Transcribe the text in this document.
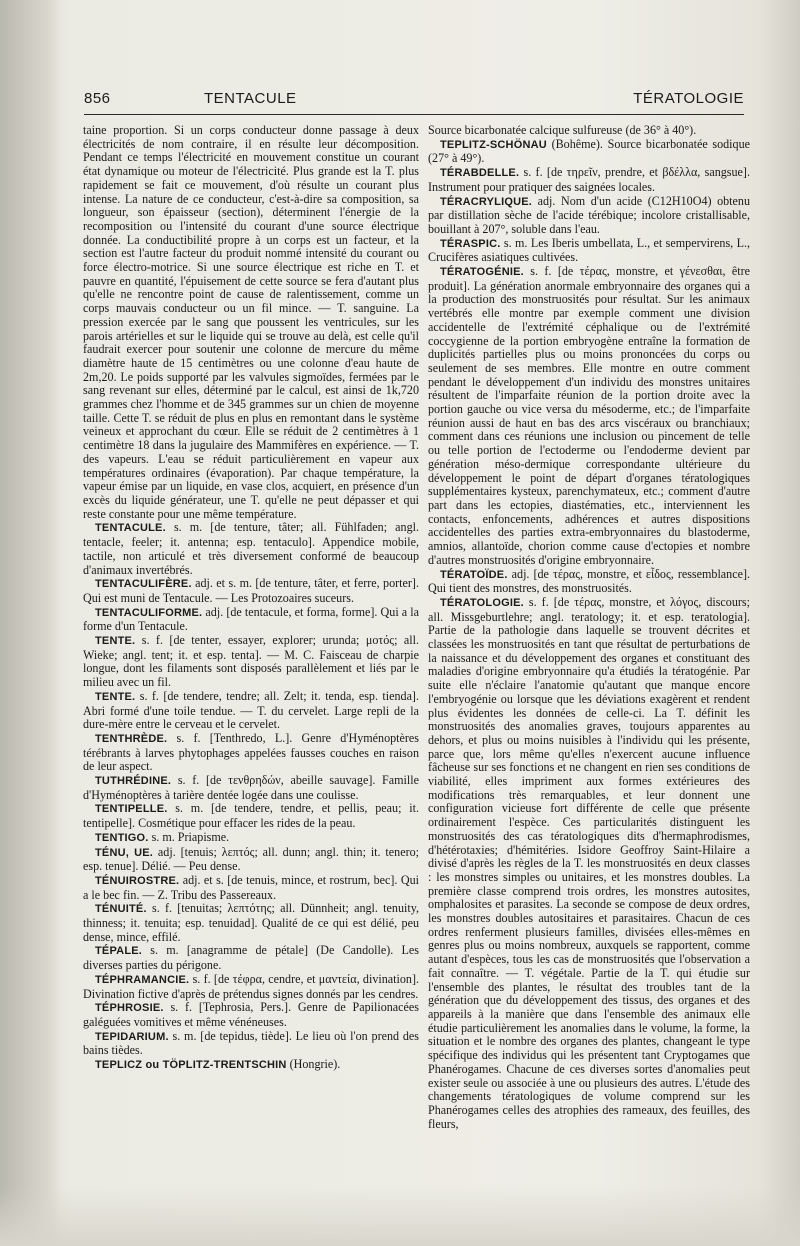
856	TENTACULE	TÉRATOLOGIE

taine proportion. Si un corps conducteur donne passage à deux électricités de nom contraire, il en résulte leur décomposition. Pendant ce temps l'électricité en mouvement constitue un courant état dynamique ou moteur de l'électricité. Plus grande est la T. plus rapidement se fait ce mouvement, d'où résulte un courant plus intense. La nature de ce conducteur, c'est-à-dire sa composition, sa longueur, son épaisseur (section), déterminent l'énergie de la recomposition ou l'intensité du courant d'une source électrique donnée. La conductibilité propre à un corps est un facteur, et la section est l'autre facteur du produit nommé intensité du courant ou force électro-motrice. Si une source électrique est riche en T. et pauvre en quantité, l'épuisement de cette source se fera d'autant plus qu'elle ne rencontre point de cause de ralentissement, comme un corps mauvais conducteur ou un fil mince. — T. sanguine. La pression exercée par le sang que poussent les ventricules, sur les parois artérielles et sur le liquide qui se trouve au delà, est celle qu'il faudrait exercer pour soutenir une colonne de mercure du même diamètre haute de 15 centimètres ou une colonne d'eau haute de 2m,20. Le poids supporté par les valvules sigmoïdes, fermées par le sang revenant sur elles, déterminé par le calcul, est ainsi de 1k,720 grammes chez l'homme et de 345 grammes sur un chien de moyenne taille. Cette T. se réduit de plus en plus en remontant dans le système veineux et approchant du cœur. Elle se réduit de 2 centimètres à 1 centimètre 18 dans la jugulaire des Mammifères en expérience. — T. des vapeurs. L'eau se réduit particulièrement en vapeur aux températures ordinaires (évaporation). Par chaque température, la vapeur émise par un liquide, en vase clos, acquiert, en présence d'un excès du liquide générateur, une T. qu'elle ne peut dépasser et qui reste constante pour une même température.

TENTACULE. s. m. [de tenture, tâter; all. Fühlfaden; angl. tentacle, feeler; it. antenna; esp. tentaculo]. Appendice mobile, tactile, non articulé et très diversement conformé de beaucoup d'animaux invertébrés.

TENTACULIFÈRE. adj. et s. m. [de tenture, tâter, et ferre, porter]. Qui est muni de Tentacule. — Les Protozoaires suceurs.

TENTACULIFORME. adj. [de tentacule, et forma, forme]. Qui a la forme d'un Tentacule.

TENTE. s. f. [de tenter, essayer, explorer; urunda; μοτός; all. Wieke; angl. tent; it. et esp. tenta]. — M. C. Faisceau de charpie longue, dont les filaments sont disposés parallèlement et liés par le milieu avec un fil.

TENTE. s. f. [de tendere, tendre; all. Zelt; it. tenda, esp. tienda]. Abri formé d'une toile tendue. — T. du cervelet. Large repli de la dure-mère entre le cerveau et le cervelet.

TENTHRÈDE. s. f. [Tenthredo, L.]. Genre d'Hyménoptères térébrants à larves phytophages appelées fausses couches en raison de leur aspect.

TUTHRÉDINE. s. f. [de τενθρηδών, abeille sauvage]. Famille d'Hyménoptères à tarière dentée logée dans une coulisse.

TENTIPELLE. s. m. [de tendere, tendre, et pellis, peau; it. tentipelle]. Cosmétique pour effacer les rides de la peau.

TENTIGO. s. m. Priapisme.

TÉNU, UE. adj. [tenuis; λεπτός; all. dunn; angl. thin; it. tenero; esp. tenue]. Délié. — Peu dense.

TÉNUIROSTRE. adj. et s. [de tenuis, mince, et rostrum, bec]. Qui a le bec fin. — Z. Tribu des Passereaux.

TÉNUITÉ. s. f. [tenuitas; λεπτότης; all. Dünnheit; angl. tenuity, thinness; it. tenuita; esp. tenuidad]. Qualité de ce qui est délié, peu dense, mince, effilé.

TÉPALE. s. m. [anagramme de pétale] (De Candolle). Les diverses parties du périgone.

TÉPHRAMANCIE. s. f. [de τέφρα, cendre, et μαντεία, divination]. Divination fictive d'après de prétendus signes donnés par les cendres.

TÉPHROSIE. s. f. [Tephrosia, Pers.]. Genre de Papilionacées galéguées vomitives et même vénéneuses.

TEPIDARIUM. s. m. [de tepidus, tiède]. Le lieu où l'on prend des bains tièdes.

TEPLICZ ou TÖPLITZ-TRENTSCHIN (Hongrie).

Source bicarbonatée calcique sulfureuse (de 36° à 40°).

TEPLITZ-SCHÖNAU (Bohême). Source bicarbonatée sodique (27° à 49°).

TÉRABDELLE. s. f. [de τηρεῖν, prendre, et βδέλλα, sangsue]. Instrument pour pratiquer des saignées locales.

TÉRACRYLIQUE. adj. Nom d'un acide (C12H10O4) obtenu par distillation sèche de l'acide térébique; incolore cristallisable, bouillant à 207°, soluble dans l'eau.

TÉRASPIC. s. m. Les Iberis umbellata, L., et sempervirens, L., Crucifères asiatiques cultivées.

TÉRATOGÉNIE. s. f. [de τέρας, monstre, et γένεσθαι, être produit]. La génération anormale embryonnaire des organes qui a la production des monstruosités pour résultat. Sur les animaux vertébrés elle montre par exemple comment une division accidentelle de l'extrémité céphalique ou de l'extrémité coccygienne de la portion embryogène entraîne la formation de duplicités partielles plus ou moins prononcées du corps ou seulement de ses membres. Elle montre en outre comment pendant le développement d'un individu des monstres unitaires résultent de l'imparfaite réunion de la portion droite avec la portion gauche ou vice versa du mésoderme, etc.; de l'imparfaite réunion aussi de haut en bas des arcs viscéraux ou branchiaux; comment dans ces réunions une inclusion ou pincement de telle ou telle portion de l'ectoderme ou l'endoderme devient par génération méso-dermique correspondante ultérieure du développement le point de départ d'organes tératologiques supplémentaires kysteux, parenchymateux, etc.; comment d'autre part dans les ectopies, diastématies, etc., interviennent les contacts, enfoncements, adhérences et autres dispositions accidentelles des parties extra-embryonnaires du blastoderme, amnios, allantoïde, chorion comme cause d'ectopies et nombre d'autres monstruosités d'origine embryonnaire.

TÉRATOÏDE. adj. [de τέρας, monstre, et εἶδος, ressemblance]. Qui tient des monstres, des monstruosités.

TÉRATOLOGIE. s. f. [de τέρας, monstre, et λόγος, discours; all. Missgeburtlehre; angl. teratology; it. et esp. teratologia]. Partie de la pathologie dans laquelle se trouvent décrites et classées les monstruosités en tant que résultat de perturbations de la naissance et du développement des organes et constituant des maladies d'origine embryonnaire qu'a étudiés la tératogénie. Par suite elle n'éclaire l'anatomie qu'autant que manque encore l'embryogénie ou lorsque que les déviations exagèrent et rendent plus évidentes les données de celle-ci. La T. définit les monstruosités des anomalies graves, toujours apparentes au dehors, et plus ou moins nuisibles à l'individu qui les présente, parce que, lors même qu'elles n'exercent aucune influence fâcheuse sur ses fonctions et ne changent en rien ses conditions de viabilité, elles impriment aux formes extérieures des modifications très remarquables, et leur donnent une configuration vicieuse fort différente de celle que présente ordinairement l'espèce. Ces particularités distinguent les monstruosités des cas tératologiques dits d'hermaphrodismes, d'hétérotaxies; d'hémitéries. Isidore Geoffroy Saint-Hilaire a divisé d'après les règles de la T. les monstruosités en deux classes : les monstres simples ou unitaires, et les monstres doubles. La première classe comprend trois ordres, les monstres autosites, omphalosites et parasites. La seconde se compose de deux ordres, les monstres doubles autositaires et parasitaires. Chacun de ces ordres renferment plusieurs familles, divisées elles-mêmes en genres plus ou moins nombreux, auxquels se rapportent, comme autant d'espèces, tous les cas de monstruosités que l'observation a fait connaître. — T. végétale. Partie de la T. qui étudie sur l'ensemble des plantes, le résultat des troubles tant de la génération que du développement des tissus, des organes et des appareils à la manière que dans l'ensemble des animaux elle étudie particulièrement les anomalies dans le volume, la forme, la situation et le nombre des organes des plantes, changeant le type spécifique des individus qui les présentent tant Cryptogames que Phanérogames. Chacune de ces diverses sortes d'anomalies peut exister seule ou associée à une ou plusieurs des autres. L'étude des changements tératologiques de volume comprend sur les Phanérogames celles des atrophies des rameaux, des feuilles, des fleurs,
